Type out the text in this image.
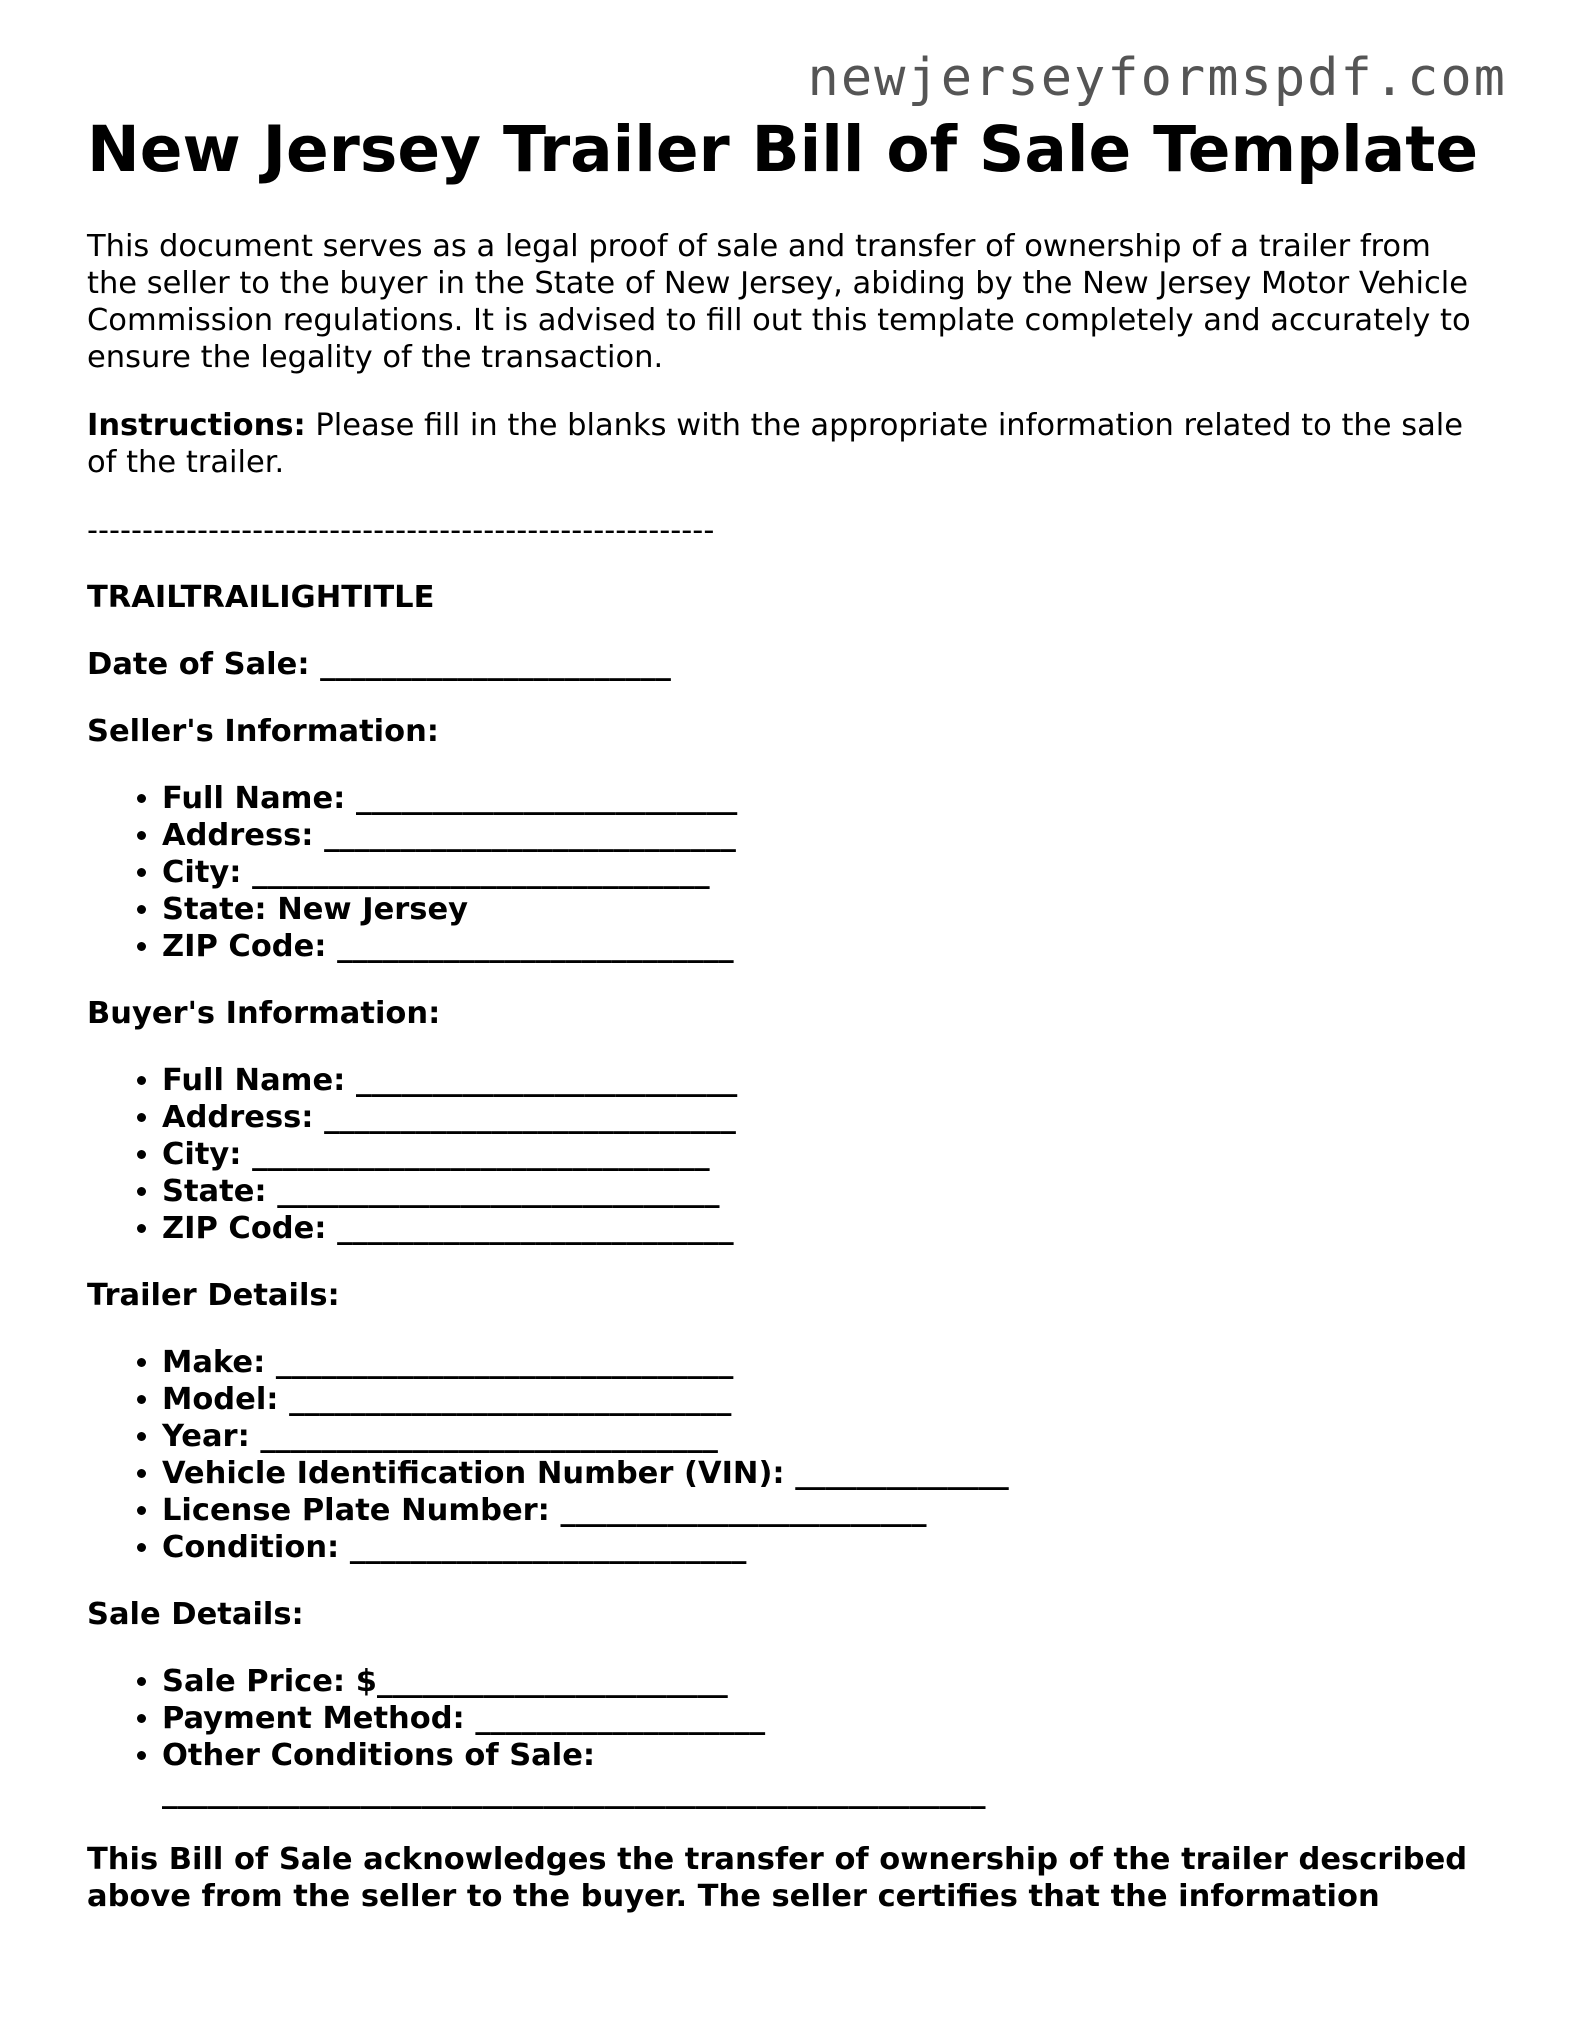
newjerseyformspdf.com
New Jersey Trailer Bill of Sale Template

This document serves as a legal proof of sale and transfer of ownership of a trailer from the seller to the buyer in the State of New Jersey, abiding by the New Jersey Motor Vehicle Commission regulations. It is advised to fill out this template completely and accurately to ensure the legality of the transaction.

Instructions: Please fill in the blanks with the appropriate information related to the sale of the trailer.

---------------------------------------------------------

TRAILTRAILIGHTITLE

Date of Sale: _______________________

Seller's Information:

• Full Name: _________________________
• Address: ___________________________
• City: ______________________________
• State: New Jersey
• ZIP Code: __________________________

Buyer's Information:

• Full Name: _________________________
• Address: ___________________________
• City: ______________________________
• State: _____________________________
• ZIP Code: __________________________

Trailer Details:

• Make: ______________________________
• Model: _____________________________
• Year: ______________________________
• Vehicle Identification Number (VIN): ______________
• License Plate Number: ________________________
• Condition: __________________________

Sale Details:

• Sale Price: $_______________________
• Payment Method: ___________________
• Other Conditions of Sale:
______________________________________________________

This Bill of Sale acknowledges the transfer of ownership of the trailer described above from the seller to the buyer. The seller certifies that the information
